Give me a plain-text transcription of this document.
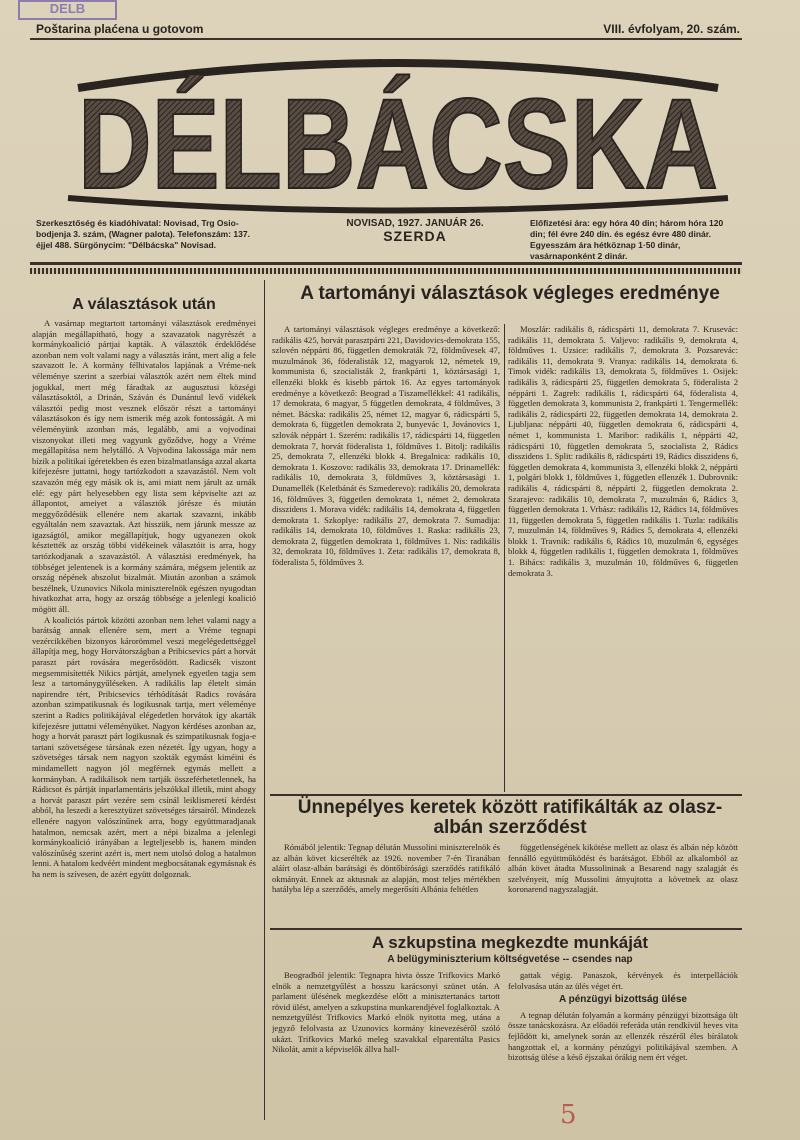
DELB
Poštarina plaćena u gotovom	VIII. évfolyam, 20. szám.
DÉLBÁCSKA
Szerkesztőség és kiadóhivatal: Novisad, Trg Osio-bodjenja 3. szám, (Wagner palota). Telefonszám: 137. éjjel 488. Sürgönycim: "Délbácska" Novisad.
NOVISAD, 1927. JANUÁR 26.
SZERDA
Előfizetési ára: egy hóra 40 din; három hóra 120 din; fél évre 240 din. és egész évre 480 dinár. Egyesszám ára hétköznap 1·50 dinár, vasárnaponként 2 dinár.
A választások után

A vasárnap megtartott tartományi választások eredményei alapján megállapítható, hogy a szavazatok nagyrészét a kormánykoalició pártjai kapták. A választók érdeklődése azonban nem volt valami nagy a választás iránt, mert alig a fele szavazott le. A kormány félhivatalos lapjának a Vréme-nek véleménye szerint a szerbiai választók azért nem éltek mind jogukkal, mert még fáradtak az augusztusi községi választásoktól, a Drinán, Száván és Dunántul levő vidékek választói pedig most vesznek először részt a tartományi választásokon és így nem ismerik még azok fontosságát. A mi véleményünk azonban más, legalább, ami a vojvodinai viszonyokat illeti meg vagyunk győződve, hogy a Vréme megállapítása nem helytálló. A Vojvodina lakossága már nem bízik a politikai ígéretekben és ezen bizalmatlansága azzal akarta kifejezésre juttatni, hogy tartózkodott a szavazástól. Nem volt szavazón még egy másik ok is, ami miatt nem járult az urnák elé: egy párt helyesebben egy lista sem képviselte azt az állapontot, ameiyet a választók jórésze és miután meggyőződésük ellenére nem akartak szavazni, inkább egyáltalán nem szavaztak. Azt hisszük, nem járunk messze az igazságtól, amikor megállapítjuk, hogy ugyanezen okok késztették az ország többi vidékeinek választóit is arra, hogy tartózkodjanak a szavazástól. A választási eredmények, ha többséget jelentenek is a kormány számára, mégsem jelentik az ország népének abszolut bizalmát. Miután azonban a számok beszélnek, Uzunovics Nikola miniszterelnök egészen nyugodtan hivatkozhat arra, hogy az ország többsége a jelenlegi koalició mögött áll.

A koaliciós pártok közötti azonban nem lehet valami nagy a barátság annak ellenére sem, mert a Vréme tegnapi vezércikkében bizonyos károrömmel veszi megelégedettséggel állapítja meg, hogy Horvátországban a Pribicsevics párt a horvát paraszt párt rovására megerősödött. Radicsék viszont megsemmisítették Nikics pártját, amelynek egyetlen tagja sem lesz a tartománygyűléseken. A radikális lap életelt simán napirendre tért, Pribicsevics térhódítását Radics rovására azonban szimpatikusnak és logikusnak tartja, mert véleménye szerint a Radics politikájával elégedetlen horvátok így akarták kifejezésre juttatni véleményüket. Nagyon kérdéses azonban az, hogy a horvát paraszt párt logikusnak és szimpatikusnak fogja-e tartani szövetségese társának ezen nézetét. Így ugyan, hogy a szövetséges társak nem nagyon szokták egymást kiméini és mindamellett nagyon jól megférnek egymás mellett a kormányban. A radikálisok nem tartják összeférhetetlennek, ha Rádicsot és pártját inparlamentáris jelszókkal illetik, mint ahogy a horvát paraszt párt vezére sem csínál leiklismeretí kérdést abból, ha leszedi a keresztyüzet szövetséges társairól. Mindezek ellenére nagyon valószínűnek arra, hogy együttmaradjanak hatalmon, nemcsak azért, mert a népi bizalma a jelenlegi kormánykoalició irányában a legteljesebb is, hanem minden valószínűség szerint azért is, mert nem utolsó dolog a hatalmon lenni. A hatalom kedvéért mindent megbocsátanak egymásnak és ha nem is szívesen, de azért együtt dolgoznak.

A tartományi választások végleges eredménye

A tartományi választások végleges eredménye a következő: radikális 425, horvát parasztpárti 221, Davidovics-demokrata 155, szlovén néppárti 86, független demokraták 72, földművesek 47, muzulmánok 36, föderalisták 12, magyarok 12, németek 19, kommunista 6, szocialisták 2, frankpárti 1, köztársasági 1, ellenzéki blokk és kisebb pártok 16. Az egyes tartományok eredménye a következő: Beograd a Tiszamellékkel: 41 radikális, 17 demokrata, 6 magyar, 5 független demokrata, 4 földműves, 3 német. Bácska: radikális 25, német 12, magyar 6, rádicspárti 5, demokrata 6, független demokrata 2, bunyevác 1, Jovánovics 1, szlovák néppárt 1. Szerém: radikális 17, rádicspárti 14, független demokrata 7, horvát föderalista 1, földműves 1. Bitolj: radikális 25, demokrata 7, ellenzéki blokk 4. Bregalnica: radikális 10, demokrata 1. Koszovo: radikális 33, demokrata 17. Drinamellék: radikális 10, demokrata 3, földműves 3, köztársasági 1. Dunamellék (Keletbánát és Szmederevo): radikális 20, demokrata 16, földműves 3, független demokrata 1, német 2, demokrata disszidens 1. Morava vidék: radikális 14, demokrata 4, független demokrata 1. Szkoplye: radikális 27, demokrata 7. Sumadija: radikális 14, demokrata 10, földműves 1. Raska: radikális 23, demokrata 2, független demokrata 1, földműves 1. Nis: radikális 32, demokrata 10, földműves 1. Zeta: radikális 17, demokrata 8, föderalista 5, földműves 3.

Moszlár: radikális 8, rádicspárti 11, demokrata 7. Krusevác: radikális 11, demokrata 5. Valjevo: radikális 9, demokrata 4, földműves 1. Uzsice: radikális 7, demokrata 3. Pozsarevác: radikális 11, demokrata 9. Vranya: radikális 14, demokrata 6. Timok vidék: radikális 13, demokrata 5, földműves 1. Osijek: radikális 3, rádicspárti 25, független demokrata 5, föderalista 2 néppárti 1. Zagreb: radikális 1, rádicspárti 64, föderalista 4, független demokrata 3, kommunista 2, frankpárti 1. Tengermellék: radikális 2, rádicspárti 22, független demokrata 14, demokrata 2. Ljubljana: néppárti 40, független demokrata 6, rádicspárti 4, német 1, kommunista 1. Maribor: radikális 1, néppárti 42, rádicspárti 10, független demokrata 5, szocialista 2, Rádics disszidens 1. Split: radikális 8, rádicspárti 19, Rádics disszidens 6, független demokrata 4, kommunista 3, ellenzéki blokk 2, néppárti 1, polgári blokk 1, földműves 1, független ellenzék 1. Dubrovnik: radikális 4, rádicspárti 8, néppárti 2, független demokrata 2. Szarajevo: radikális 10, demokrata 7, muzulmán 6, Rádics 3, független demokrata 1. Vrbász: radikális 12, Rádics 14, földműves 11, független demokrata 5, független radikális 1. Tuzla: radikális 7, muzulmán 14, földműves 9, Rádics 5, demokrata 4, ellenzéki blokk 1. Travnik: radikális 6, Rádics 10, muzulmán 6, egységes blokk 4, független radikális 1, független demokrata 1, földműves 1. Bihács: radikális 3, muzulmán 10, földműves 6, független demokrata 3.

Ünnepélyes keretek között ratifikálták az olasz-albán szerződést

Rómából jelentik: Tegnap délután Mussolini miniszterelnök és az albán követ kicserélték az 1926. november 7-én Tiranában aláírt olasz-albán barátsági és döntőbírósági szerződés ratifikáló okmányát. Ennek az aktusnak az alapján, most teljes mértékben hatályba lép a szerződés, amely megerősíti Albánia feltétlen

függetlenségének kikötése mellett az olasz és albán nép között fennálló együttműködést és barátságot. Ebből az alkalomból az albán követ átadta Mussolininak a Besarend nagy szalagját és szelvényeit, míg Mussolini átnyujtotta a követnek az olasz koronarend nagyszalagját.

A szkupstina megkezdte munkáját
A belügyminiszterium költségvetése -- csendes nap

Beogradból jelentik: Tegnapra hivta össze Trifkovics Markó elnök a nemzetgyűlést a hosszu karácsonyi szünet után. A parlament ülésének megkezdése előtt a minisztertanács tartott rövid ülést, amelyen a szkupstina munkarendjével foglalkoztak. A nemzetgyűlést Trifkovics Markó elnök nyitotta meg, utána a jegyző felolvasta az Uzunovics kormány kinevezéséről szóló ukázt. Trifkovics Markó meleg szavakkal elparentálta Pasics Nikolát, amit a képviselők állva hall-

gattak végig. Panaszok, kérvények és interpellációk felolvasása után az ülés véget ért.

A pénzügyi bizottság ülése

A tegnap délután folyamán a kormány pénzügyi bizottsága ült össze tanácskozásra. Az előadói referáda után rendkívül heves vita fejlődött ki, amelynek során az ellenzék részéről éles bírálatok hangzottak el, a kormány pénzügyi politikájával szemben. A bizottság ülése a késő éjszakai órákig nem ért véget.

5
